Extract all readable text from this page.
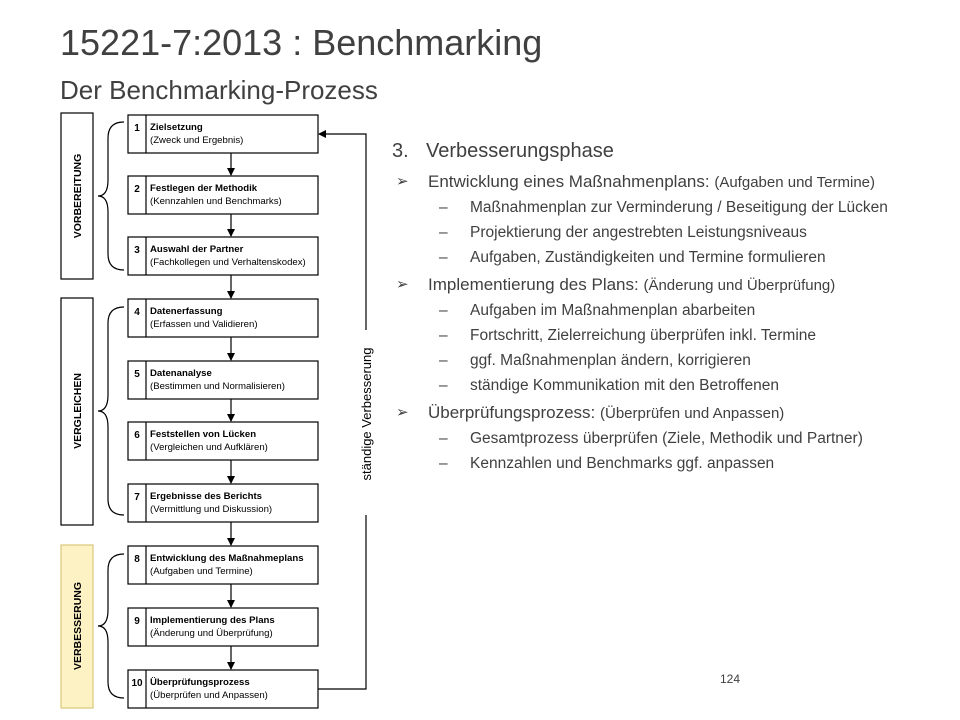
15221-7:2013 : Benchmarking
Der Benchmarking-Prozess
VORBEREITUNG
VERGLEICHEN
VERBESSERUNG
1 Zielsetzung
(Zweck und Ergebnis)
2 Festlegen der Methodik
(Kennzahlen und Benchmarks)
3 Auswahl der Partner
(Fachkollegen und Verhaltenskodex)
4 Datenerfassung
(Erfassen und Validieren)
5 Datenanalyse
(Bestimmen und Normalisieren)
6 Feststellen von Lücken
(Vergleichen und Aufklären)
7 Ergebnisse des Berichts
(Vermittlung und Diskussion)
8 Entwicklung des Maßnahmeplans
(Aufgaben und Termine)
9 Implementierung des Plans
(Änderung und Überprüfung)
10 Überprüfungsprozess
(Überprüfen und Anpassen)
ständige Verbesserung
3. Verbesserungsphase
➢ Entwicklung eines Maßnahmenplans: (Aufgaben und Termine)
– Maßnahmenplan zur Verminderung / Beseitigung der Lücken
– Projektierung der angestrebten Leistungsniveaus
– Aufgaben, Zuständigkeiten und Termine formulieren
➢ Implementierung des Plans: (Änderung und Überprüfung)
– Aufgaben im Maßnahmenplan abarbeiten
– Fortschritt, Zielerreichung überprüfen inkl. Termine
– ggf. Maßnahmenplan ändern, korrigieren
– ständige Kommunikation mit den Betroffenen
➢ Überprüfungsprozess: (Überprüfen und Anpassen)
– Gesamtprozess überprüfen (Ziele, Methodik und Partner)
– Kennzahlen und Benchmarks ggf. anpassen
124
